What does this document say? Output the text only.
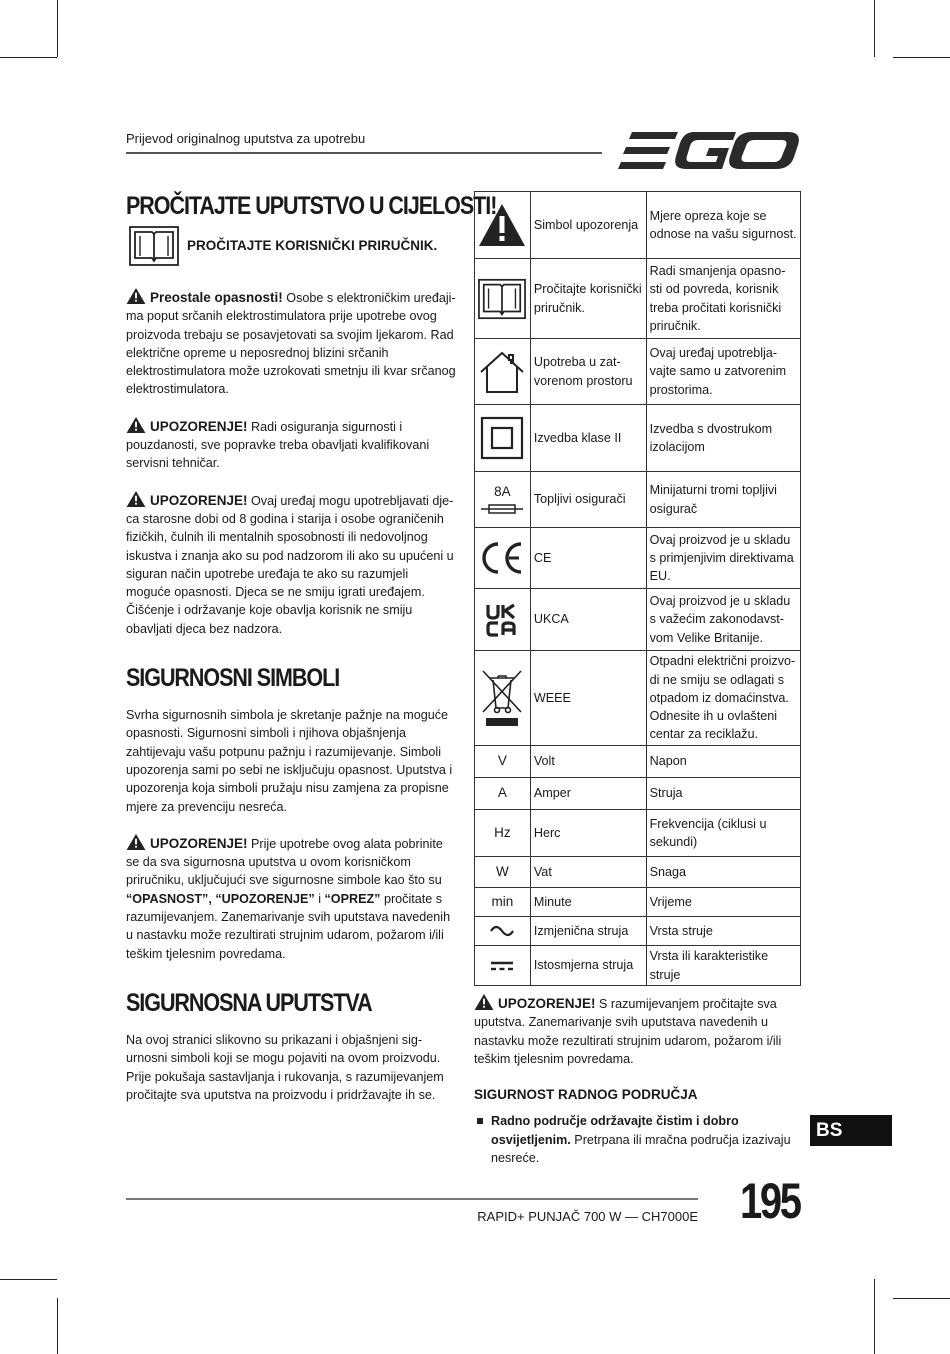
Prijevod originalnog uputstva za upotrebu
PROČITAJTE UPUTSTVO U CIJELOSTI!
PROČITAJTE KORISNIČKI PRIRUČNIK.

Preostale opasnosti! Osobe s elektroničkim uređaji-ma poput srčanih elektrostimulatora prije upotrebe ovog proizvoda trebaju se posavjetovati sa svojim ljekarom. Rad električne opreme u neposrednoj blizini srčanih elektrostimulatora može uzrokovati smetnju ili kvar srčanog elektrostimulatora.

UPOZORENJE! Radi osiguranja sigurnosti i pouzdanosti, sve popravke treba obavljati kvalifikovani servisni tehničar.

UPOZORENJE! Ovaj uređaj mogu upotrebljavati dje-ca starosne dobi od 8 godina i starija i osobe ograničenih fizičkih, čulnih ili mentalnih sposobnosti ili nedovoljnog iskustva i znanja ako su pod nadzorom ili ako su upućeni u siguran način upotrebe uređaja te ako su razumjeli moguće opasnosti. Djeca se ne smiju igrati uređajem. Čišćenje i održavanje koje obavlja korisnik ne smiju obavljati djeca bez nadzora.

SIGURNOSNI SIMBOLI

Svrha sigurnosnih simbola je skretanje pažnje na moguće opasnosti. Sigurnosni simboli i njihova objašnjenja zahtijevaju vašu potpunu pažnju i razumijevanje. Simboli upozorenja sami po sebi ne isključuju opasnost. Uputstva i upozorenja koja simboli pružaju nisu zamjena za propisne mjere za prevenciju nesreća.

UPOZORENJE! Prije upotrebe ovog alata pobrinite se da sva sigurnosna uputstva u ovom korisničkom priručniku, uključujući sve sigurnosne simbole kao što su “OPASNOST”, “UPOZORENJE” i “OPREZ” pročitate s razumijevanjem. Zanemarivanje svih uputstava navedenih u nastavku može rezultirati strujnim udarom, požarom i/ili teškim tjelesnim povredama.

SIGURNOSNA UPUTSTVA

Na ovoj stranici slikovno su prikazani i objašnjeni sig-urnosni simboli koji se mogu pojaviti na ovom proizvodu. Prije pokušaja sastavljanja i rukovanja, s razumijevanjem pročitajte sva uputstva na proizvodu i pridržavajte ih se.

	Simbol upozorenja	Mjere opreza koje se odnose na vašu sigurnost.

	Pročitajte korisnički priručnik.	Radi smanjenja opasno-sti od povreda, korisnik treba pročitati korisnički priručnik.

	Upotreba u zat-vorenom prostoru	Ovaj uređaj upotreblja-vajte samo u zatvorenim prostorima.

	Izvedba klase II	Izvedba s dvostrukom izolacijom

8A	Topljivi osigurači	Minijaturni tromi topljivi osigurač

	CE	Ovaj proizvod je u skladu s primjenjivim direktivama EU.

	UKCA	Ovaj proizvod je u skladu s važećim zakonodavst-vom Velike Britanije.

	WEEE	Otpadni električni proizvo-di ne smiju se odlagati s otpadom iz domaćinstva. Odnesite ih u ovlašteni centar za reciklažu.

V	Volt	Napon

A	Amper	Struja

Hz	Herc	Frekvencija (ciklusi u sekundi)

W	Vat	Snaga

min	Minute	Vrijeme

	Izmjenična struja	Vrsta struje

	Istosmjerna struja	Vrsta ili karakteristike struje

UPOZORENJE! S razumijevanjem pročitajte sva uputstva. Zanemarivanje svih uputstava navedenih u nastavku može rezultirati strujnim udarom, požarom i/ili teškim tjelesnim povredama.

SIGURNOST RADNOG PODRUČJA
Radno područje održavajte čistim i dobro osvijetljenim. Pretrpana ili mračna područja izazivaju nesreće.
BS
RAPID+ PUNJAČ 700 W — CH7000E 195
